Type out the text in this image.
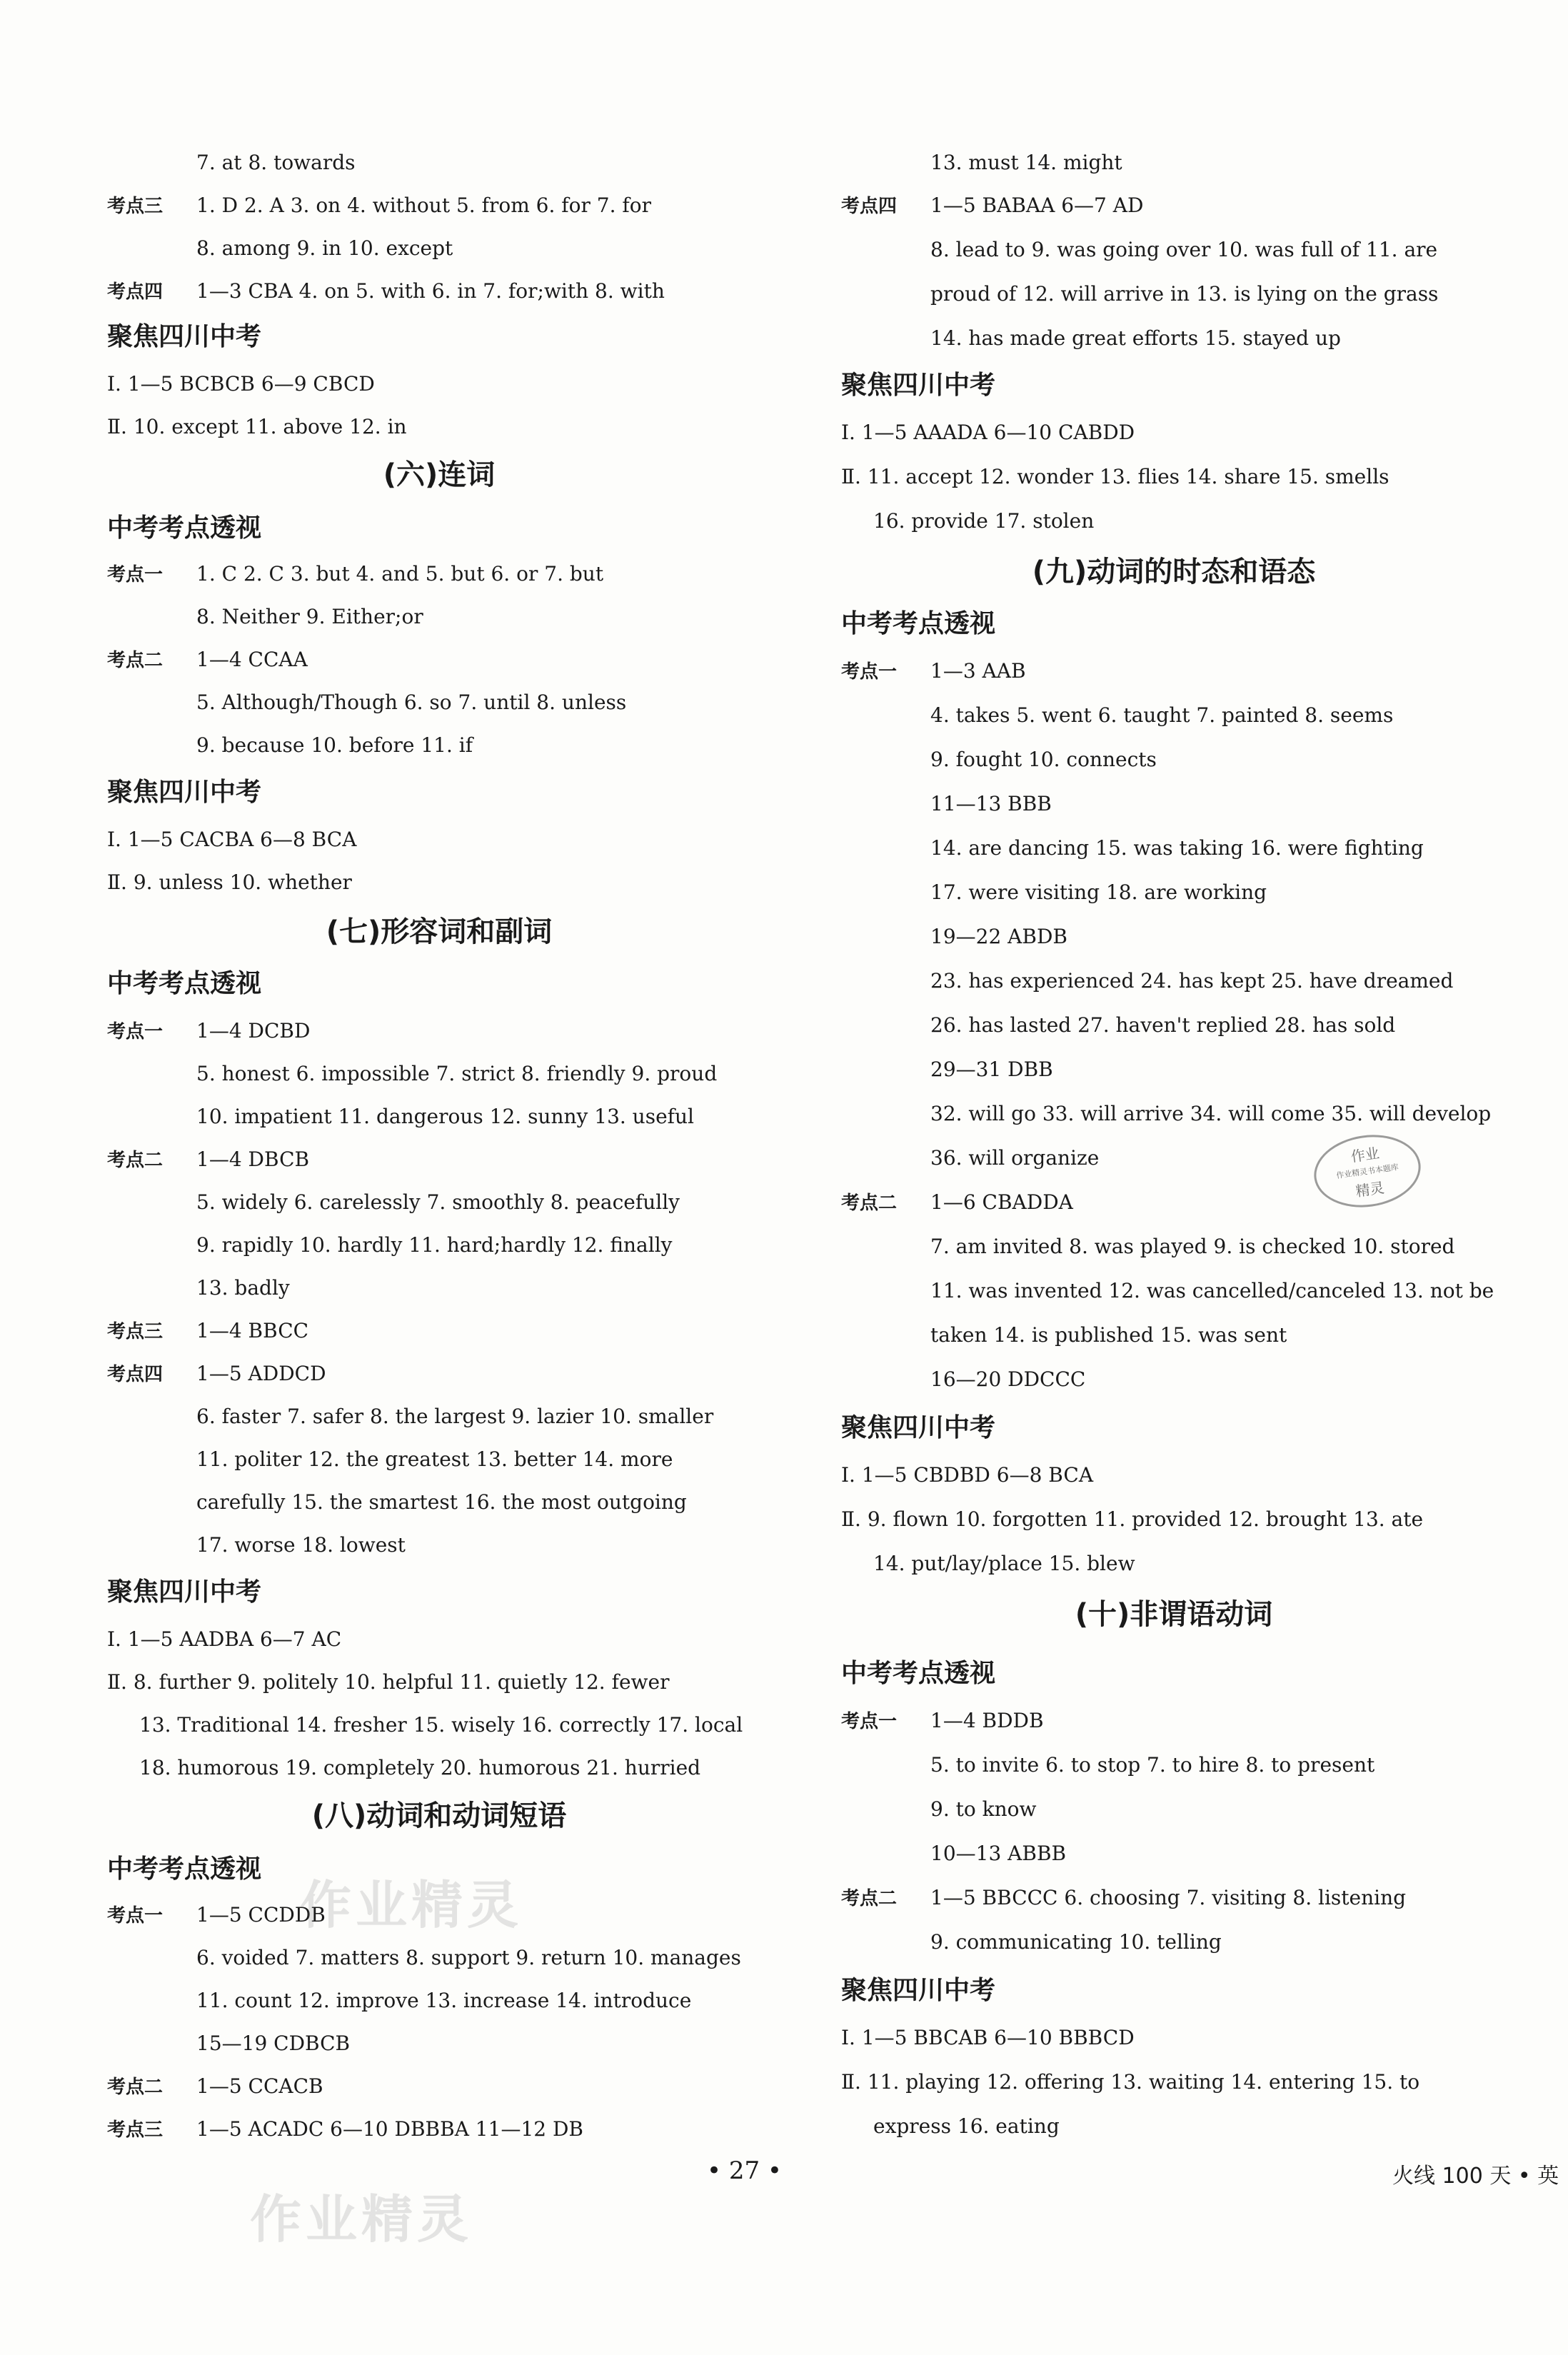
7. at 8. towards
考点三 1. D 2. A 3. on 4. without 5. from 6. for 7. for
8. among 9. in 10. except
考点四 1—3 CBA 4. on 5. with 6. in 7. for;with 8. with
聚焦四川中考
Ⅰ. 1—5 BCBCB 6—9 CBCD
Ⅱ. 10. except 11. above 12. in
(六)连词
中考考点透视
考点一 1. C 2. C 3. but 4. and 5. but 6. or 7. but
8. Neither 9. Either;or
考点二 1—4 CCAA
5. Although/Though 6. so 7. until 8. unless
9. because 10. before 11. if
聚焦四川中考
Ⅰ. 1—5 CACBA 6—8 BCA
Ⅱ. 9. unless 10. whether
(七)形容词和副词
中考考点透视
考点一 1—4 DCBD
5. honest 6. impossible 7. strict 8. friendly 9. proud
10. impatient 11. dangerous 12. sunny 13. useful
考点二 1—4 DBCB
5. widely 6. carelessly 7. smoothly 8. peacefully
9. rapidly 10. hardly 11. hard;hardly 12. finally
13. badly
考点三 1—4 BBCC
考点四 1—5 ADDCD
6. faster 7. safer 8. the largest 9. lazier 10. smaller
11. politer 12. the greatest 13. better 14. more
carefully 15. the smartest 16. the most outgoing
17. worse 18. lowest
聚焦四川中考
Ⅰ. 1—5 AADBA 6—7 AC
Ⅱ. 8. further 9. politely 10. helpful 11. quietly 12. fewer
13. Traditional 14. fresher 15. wisely 16. correctly 17. local
18. humorous 19. completely 20. humorous 21. hurried
(八)动词和动词短语
中考考点透视
考点一 1—5 CCDDB
6. voided 7. matters 8. support 9. return 10. manages
11. count 12. improve 13. increase 14. introduce
15—19 CDBCB
考点二 1—5 CCACB
考点三 1—5 ACADC 6—10 DBBBA 11—12 DB
13. must 14. might
考点四 1—5 BABAA 6—7 AD
8. lead to 9. was going over 10. was full of 11. are
proud of 12. will arrive in 13. is lying on the grass
14. has made great efforts 15. stayed up
聚焦四川中考
Ⅰ. 1—5 AAADA 6—10 CABDD
Ⅱ. 11. accept 12. wonder 13. flies 14. share 15. smells
16. provide 17. stolen
(九)动词的时态和语态
中考考点透视
考点一 1—3 AAB
4. takes 5. went 6. taught 7. painted 8. seems
9. fought 10. connects
11—13 BBB
14. are dancing 15. was taking 16. were fighting
17. were visiting 18. are working
19—22 ABDB
23. has experienced 24. has kept 25. have dreamed
26. has lasted 27. haven't replied 28. has sold
29—31 DBB
32. will go 33. will arrive 34. will come 35. will develop
36. will organize
考点二 1—6 CBADDA
7. am invited 8. was played 9. is checked 10. stored
11. was invented 12. was cancelled/canceled 13. not be
taken 14. is published 15. was sent
16—20 DDCCC
聚焦四川中考
Ⅰ. 1—5 CBDBD 6—8 BCA
Ⅱ. 9. flown 10. forgotten 11. provided 12. brought 13. ate
14. put/lay/place 15. blew
(十)非谓语动词
中考考点透视
考点一 1—4 BDDB
5. to invite 6. to stop 7. to hire 8. to present
9. to know
10—13 ABBB
考点二 1—5 BBCCC 6. choosing 7. visiting 8. listening
9. communicating 10. telling
聚焦四川中考
Ⅰ. 1—5 BBCAB 6—10 BBBCD
Ⅱ. 11. playing 12. offering 13. waiting 14. entering 15. to
express 16. eating
作业精灵
作业精灵
作业
作业精灵书本题库
精灵
• 27 •	火线 100 天 • 英
